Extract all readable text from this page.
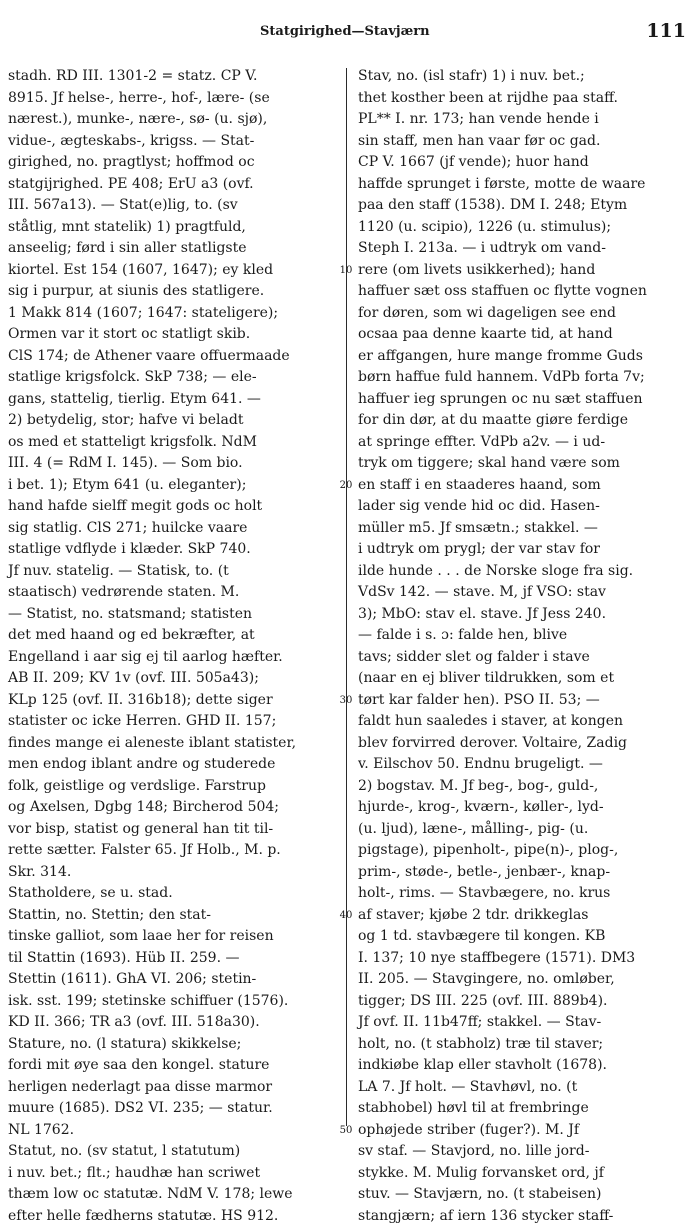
Statgirighed—Stavjærn	111
stadh. RD III. 1301-2 = statz. CP V.
8915. Jf helse-, herre-, hof-, lære- (se
nærest.), munke-, nære-, sø- (u. sjø),
vidue-, ægteskabs-, krigss. — Stat-
girighed, no. pragtlyst; hoffmod oc
statgijrighed. PE 408; ErU a3 (ovf.
III. 567a13). — Stat(e)lig, to. (sv
ståtlig, mnt statelik) 1) pragtfuld,
anseelig; førd i sin aller statligste
kiortel. Est 154 (1607, 1647); ey kled
sig i purpur, at siunis des statligere.
1 Makk 814 (1607; 1647: stateligere);
Ormen var it stort oc statligt skib.
ClS 174; de Athener vaare offuermaade
statlige krigsfolck. SkP 738; — ele-
gans, stattelig, tierlig. Etym 641. —
2) betydelig, stor; hafve vi beladt
os med et statteligt krigsfolk. NdM
III. 4 (= RdM I. 145). — Som bio.
i bet. 1); Etym 641 (u. eleganter);
hand hafde sielff megit gods oc holt
sig statlig. ClS 271; huilcke vaare
statlige vdflyde i klæder. SkP 740.
Jf nuv. statelig. — Statisk, to. (t
staatisch) vedrørende staten. M.
— Statist, no. statsmand; statisten
det med haand og ed bekræfter, at
Engelland i aar sig ej til aarlog hæfter.
AB II. 209; KV 1v (ovf. III. 505a43);
KLp 125 (ovf. II. 316b18); dette siger
statister oc icke Herren. GHD II. 157;
findes mange ei aleneste iblant statister,
men endog iblant andre og studerede
folk, geistlige og verdslige. Farstrup
og Axelsen, Dgbg 148; Bircherod 504;
vor bisp, statist og general han tit til-
rette sætter. Falster 65. Jf Holb., M. p.
Skr. 314.
Statholdere, se u. stad.
Stattin, no. Stettin; den stat-
tinske galliot, som laae her for reisen
til Stattin (1693). Hüb II. 259. —
Stettin (1611). GhA VI. 206; stetin-
isk. sst. 199; stetinske schiffuer (1576).
KD II. 366; TR a3 (ovf. III. 518a30).
Stature, no. (l statura) skikkelse;
fordi mit øye saa den kongel. stature
herligen nederlagt paa disse marmor
muure (1685). DS2 VI. 235; — statur.
NL 1762.
Statut, no. (sv statut, l statutum)
i nuv. bet.; flt.; haudhæ han scriwet
thæm low oc statutæ. NdM V. 178; lewe
efter helle fædherns statutæ. HS 912.
10
20
30
40
50
Stav, no. (isl stafr) 1) i nuv. bet.;
thet kosther been at rijdhe paa staff.
PL** I. nr. 173; han vende hende i
sin staff, men han vaar før oc gad.
CP V. 1667 (jf vende); huor hand
haffde sprunget i første, motte de waare
paa den staff (1538). DM I. 248; Etym
1120 (u. scipio), 1226 (u. stimulus);
Steph I. 213a. — i udtryk om vand-
rere (om livets usikkerhed); hand
haffuer sæt oss staffuen oc flytte vognen
for døren, som wi dageligen see end
ocsaa paa denne kaarte tid, at hand
er affgangen, hure mange fromme Guds
børn haffue fuld hannem. VdPb forta 7v;
haffuer ieg sprungen oc nu sæt staffuen
for din dør, at du maatte giøre ferdige
at springe effter. VdPb a2v. — i ud-
tryk om tiggere; skal hand være som
en staff i en staaderes haand, som
lader sig vende hid oc did. Hasen-
müller m5. Jf smsætn.; stakkel. —
i udtryk om prygl; der var stav for
ilde hunde . . . de Norske sloge fra sig.
VdSv 142. — stave. M, jf VSO: stav
3); MbO: stav el. stave. Jf Jess 240.
— falde i s. ɔ: falde hen, blive
tavs; sidder slet og falder i stave
(naar en ej bliver tildrukken, som et
tørt kar falder hen). PSO II. 53; —
faldt hun saaledes i staver, at kongen
blev forvirred derover. Voltaire, Zadig
v. Eilschov 50. Endnu brugeligt. —
2) bogstav. M. Jf beg-, bog-, guld-,
hjurde-, krog-, kværn-, køller-, lyd-
(u. ljud), læne-, målling-, pig- (u.
pigstage), pipenholt-, pipe(n)-, plog-,
prim-, støde-, betle-, jenbær-, knap-
holt-, rims. — Stavbægere, no. krus
af staver; kjøbe 2 tdr. drikkeglas
og 1 td. stavbægere til kongen. KB
I. 137; 10 nye staffbegere (1571). DM3
II. 205. — Stavgingere, no. omløber,
tigger; DS III. 225 (ovf. III. 889b4).
Jf ovf. II. 11b47ff; stakkel. — Stav-
holt, no. (t stabholz) træ til staver;
indkiøbe klap eller stavholt (1678).
LA 7. Jf holt. — Stavhøvl, no. (t
stabhobel) høvl til at frembringe
ophøjede striber (fuger?). M. Jf
sv staf. — Stavjord, no. lille jord-
stykke. M. Mulig forvansket ord, jf
stuv. — Stavjærn, no. (t stabeisen)
stangjærn; af iern 136 stycker staff-
